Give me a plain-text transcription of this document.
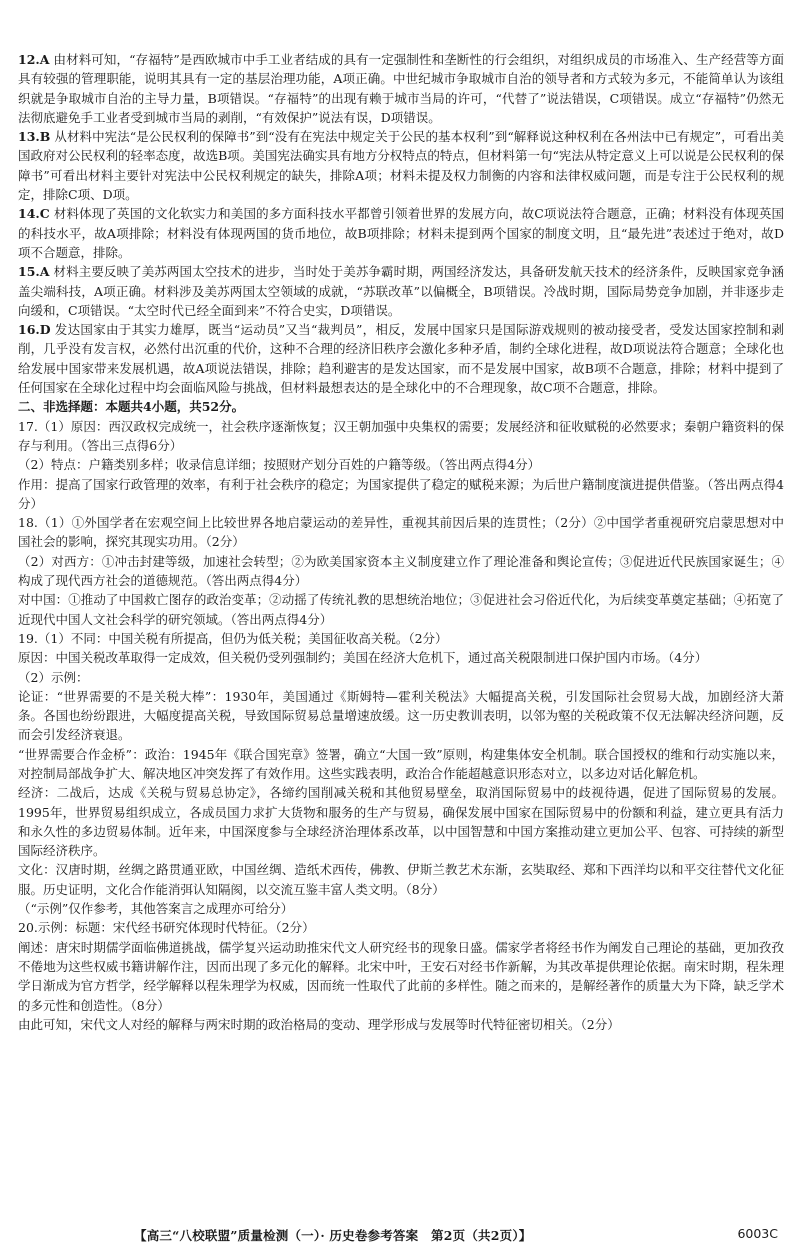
12.A 由材料可知，“存福特”是西欧城市中手工业者结成的具有一定强制性和垄断性的行会组织，对组织成员的市场准入、生产经营等方面具有较强的管理职能，说明其具有一定的基层治理功能，A项正确。中世纪城市争取城市自治的领导者和方式较为多元，不能简单认为该组织就是争取城市自治的主导力量，B项错误。“存福特”的出现有赖于城市当局的许可，“代替了”说法错误，C项错误。成立“存福特”仍然无法彻底避免手工业者受到城市当局的剥削，“有效保护”说法有误，D项错误。

13.B 从材料中宪法“是公民权利的保障书”到“没有在宪法中规定关于公民的基本权利”到“解释说这种权利在各州法中已有规定”，可看出美国政府对公民权利的轻率态度，故选B项。美国宪法确实具有地方分权特点的特点，但材料第一句“宪法从特定意义上可以说是公民权利的保障书”可看出材料主要针对宪法中公民权利规定的缺失，排除A项；材料未提及权力制衡的内容和法律权威问题，而是专注于公民权利的规定，排除C项、D项。

14.C 材料体现了英国的文化软实力和美国的多方面科技水平都曾引领着世界的发展方向，故C项说法符合题意，正确；材料没有体现英国的科技水平，故A项排除；材料没有体现两国的货币地位，故B项排除；材料未提到两个国家的制度文明，且“最先进”表述过于绝对，故D项不合题意，排除。

15.A 材料主要反映了美苏两国太空技术的进步，当时处于美苏争霸时期，两国经济发达，具备研发航天技术的经济条件，反映国家竞争涵盖尖端科技，A项正确。材料涉及美苏两国太空领域的成就，“苏联改革”以偏概全，B项错误。冷战时期，国际局势竞争加剧，并非逐步走向缓和，C项错误。“太空时代已经全面到来”不符合史实，D项错误。

16.D 发达国家由于其实力雄厚，既当“运动员”又当“裁判员”，相反，发展中国家只是国际游戏规则的被动接受者，受发达国家控制和剥削，几乎没有发言权，必然付出沉重的代价，这种不合理的经济旧秩序会激化多种矛盾，制约全球化进程，故D项说法符合题意；全球化也给发展中国家带来发展机遇，故A项说法错误，排除；趋利避害的是发达国家，而不是发展中国家，故B项不合题意，排除；材料中提到了任何国家在全球化过程中均会面临风险与挑战，但材料最想表达的是全球化中的不合理现象，故C项不合题意，排除。

二、非选择题：本题共4小题，共52分。

17.（1）原因：西汉政权完成统一，社会秩序逐渐恢复；汉王朝加强中央集权的需要；发展经济和征收赋税的必然要求；秦朝户籍资料的保存与利用。（答出三点得6分）

（2）特点：户籍类别多样；收录信息详细；按照财产划分百姓的户籍等级。（答出两点得4分）

作用：提高了国家行政管理的效率，有利于社会秩序的稳定；为国家提供了稳定的赋税来源；为后世户籍制度演进提供借鉴。（答出两点得4分）

18.（1）①外国学者在宏观空间上比较世界各地启蒙运动的差异性，重视其前因后果的连贯性；（2分）②中国学者重视研究启蒙思想对中国社会的影响，探究其现实功用。（2分）

（2）对西方：①冲击封建等级，加速社会转型；②为欧美国家资本主义制度建立作了理论准备和舆论宣传；③促进近代民族国家诞生；④构成了现代西方社会的道德规范。（答出两点得4分）

对中国：①推动了中国救亡图存的政治变革；②动摇了传统礼教的思想统治地位；③促进社会习俗近代化，为后续变革奠定基础；④拓宽了近现代中国人文社会科学的研究领域。（答出两点得4分）

19.（1）不同：中国关税有所提高，但仍为低关税；美国征收高关税。（2分）

原因：中国关税改革取得一定成效，但关税仍受列强制约；美国在经济大危机下，通过高关税限制进口保护国内市场。（4分）

（2）示例：

论证：“世界需要的不是关税大棒”：1930年，美国通过《斯姆特—霍利关税法》大幅提高关税，引发国际社会贸易大战，加剧经济大萧条。各国也纷纷跟进，大幅度提高关税，导致国际贸易总量增速放缓。这一历史教训表明，以邻为壑的关税政策不仅无法解决经济问题，反而会引发经济衰退。

“世界需要合作金桥”：政治：1945年《联合国宪章》签署，确立“大国一致”原则，构建集体安全机制。联合国授权的维和行动实施以来，对控制局部战争扩大、解决地区冲突发挥了有效作用。这些实践表明，政治合作能超越意识形态对立，以多边对话化解危机。

经济：二战后，达成《关税与贸易总协定》，各缔约国削减关税和其他贸易壁垒，取消国际贸易中的歧视待遇，促进了国际贸易的发展。1995年，世界贸易组织成立，各成员国力求扩大货物和服务的生产与贸易，确保发展中国家在国际贸易中的份额和利益，建立更具有活力和永久性的多边贸易体制。近年来，中国深度参与全球经济治理体系改革，以中国智慧和中国方案推动建立更加公平、包容、可持续的新型国际经济秩序。

文化：汉唐时期，丝绸之路贯通亚欧，中国丝绸、造纸术西传，佛教、伊斯兰教艺术东渐，玄奘取经、郑和下西洋均以和平交往替代文化征服。历史证明，文化合作能消弭认知隔阂，以交流互鉴丰富人类文明。（8分）

（“示例”仅作参考，其他答案言之成理亦可给分）

20.示例：标题：宋代经书研究体现时代特征。（2分）

阐述：唐宋时期儒学面临佛道挑战，儒学复兴运动助推宋代文人研究经书的现象日盛。儒家学者将经书作为阐发自己理论的基础，更加孜孜不倦地为这些权威书籍讲解作注，因而出现了多元化的解释。北宋中叶，王安石对经书作新解，为其改革提供理论依据。南宋时期，程朱理学日渐成为官方哲学，经学解释以程朱理学为权威，因而统一性取代了此前的多样性。随之而来的，是解经著作的质量大为下降，缺乏学术的多元性和创造性。（8分）

由此可知，宋代文人对经的解释与两宋时期的政治格局的变动、理学形成与发展等时代特征密切相关。（2分）

【高三“八校联盟”质量检测（一）· 历史卷参考答案　第2页（共2页）】	6003C
